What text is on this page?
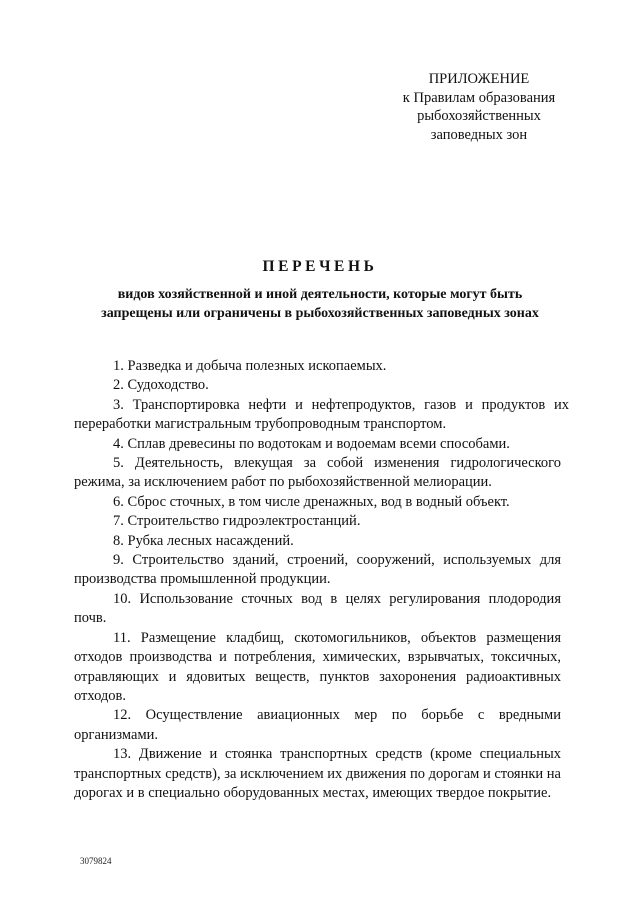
ПРИЛОЖЕНИЕ
к Правилам образования
рыбохозяйственных
заповедных зон
ПЕРЕЧЕНЬ
видов хозяйственной и иной деятельности, которые могут быть
запрещены или ограничены в рыбохозяйственных заповедных зонах

1. Разведка и добыча полезных ископаемых.

2. Судоходство.

3. Транспортировка нефти и нефтепродуктов, газов и продуктов их переработки магистральным трубопроводным транспортом.

4. Сплав древесины по водотокам и водоемам всеми способами.

5. Деятельность, влекущая за собой изменения гидрологического режима, за исключением работ по рыбохозяйственной мелиорации.

6. Сброс сточных, в том числе дренажных, вод в водный объект.

7. Строительство гидроэлектростанций.

8. Рубка лесных насаждений.

9. Строительство зданий, строений, сооружений, используемых для производства промышленной продукции.

10. Использование сточных вод в целях регулирования плодородия почв.

11. Размещение кладбищ, скотомогильников, объектов размещения отходов производства и потребления, химических, взрывчатых, токсичных, отравляющих и ядовитых веществ, пунктов захоронения радиоактивных отходов.

12. Осуществление авиационных мер по борьбе с вредными организмами.

13. Движение и стоянка транспортных средств (кроме специальных транспортных средств), за исключением их движения по дорогам и стоянки на дорогах и в специально оборудованных местах, имеющих твердое покрытие.

3079824
